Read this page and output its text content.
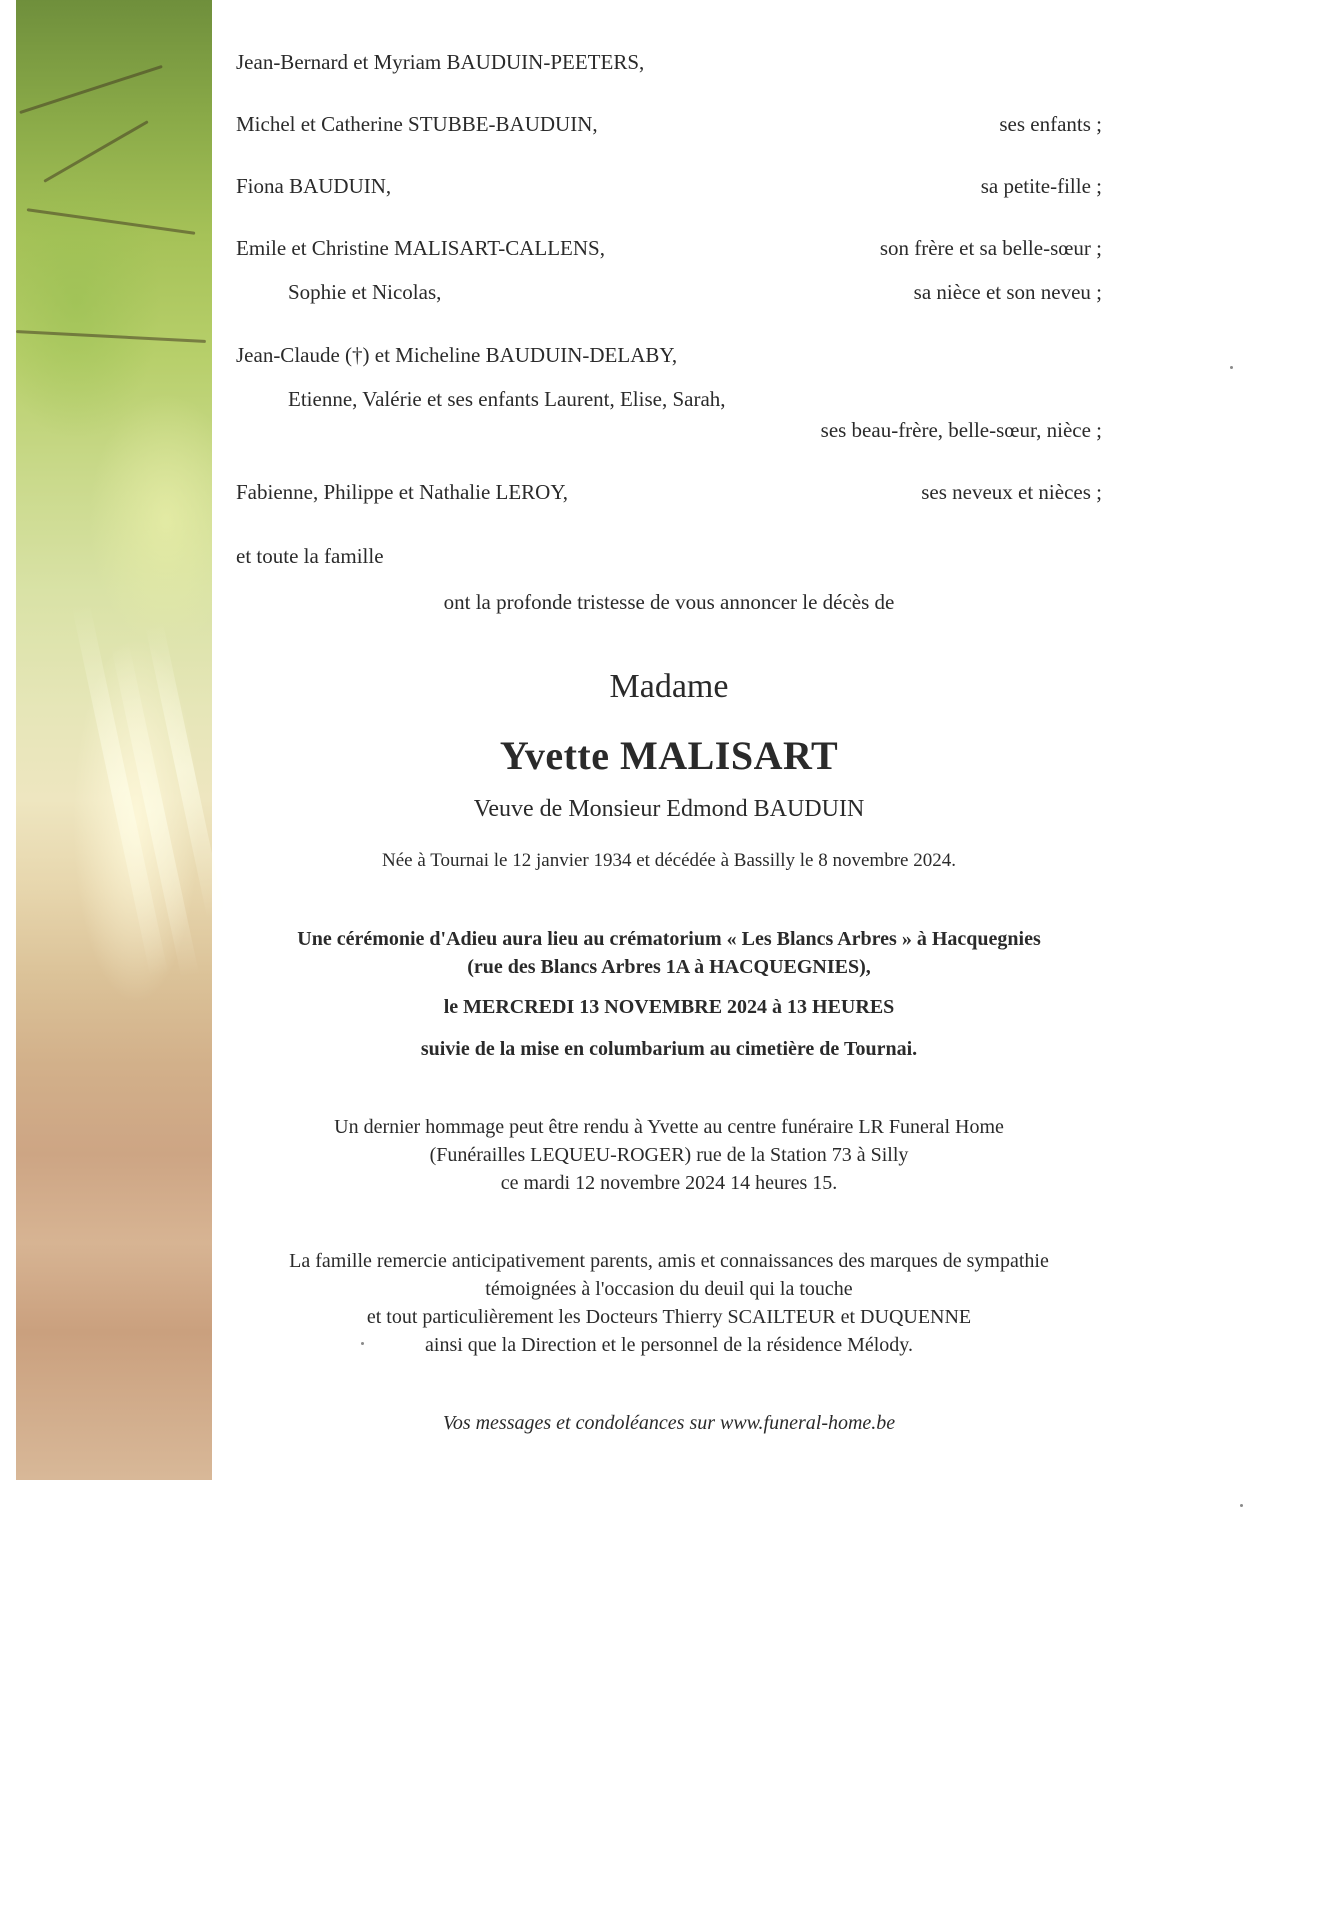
Jean-Bernard et Myriam BAUDUIN-PEETERS,
Michel et Catherine STUBBE-BAUDUIN,	ses enfants ;
Fiona BAUDUIN,	sa petite-fille ;
Emile et Christine MALISART-CALLENS,	son frère et sa belle-sœur ;
Sophie et Nicolas,	sa nièce et son neveu ;
Jean-Claude (†) et Micheline BAUDUIN-DELABY,
Etienne, Valérie et ses enfants Laurent, Elise, Sarah,
ses beau-frère, belle-sœur, nièce ;
Fabienne, Philippe et Nathalie LEROY,	ses neveux et nièces ;
et toute la famille
ont la profonde tristesse de vous annoncer le décès de
Madame
Yvette MALISART
Veuve de Monsieur Edmond BAUDUIN
Née à Tournai le 12 janvier 1934 et décédée à Bassilly le 8 novembre 2024.
Une cérémonie d'Adieu aura lieu au crématorium « Les Blancs Arbres » à Hacquegnies
(rue des Blancs Arbres 1A à HACQUEGNIES),
le MERCREDI 13 NOVEMBRE 2024 à 13 HEURES
suivie de la mise en columbarium au cimetière de Tournai.
Un dernier hommage peut être rendu à Yvette au centre funéraire LR Funeral Home
(Funérailles LEQUEU-ROGER) rue de la Station 73 à Silly
ce mardi 12 novembre 2024 14 heures 15.
La famille remercie anticipativement parents, amis et connaissances des marques de sympathie
témoignées à l'occasion du deuil qui la touche
et tout particulièrement les Docteurs Thierry SCAILTEUR et DUQUENNE
ainsi que la Direction et le personnel de la résidence Mélody.
Vos messages et condoléances sur www.funeral-home.be
